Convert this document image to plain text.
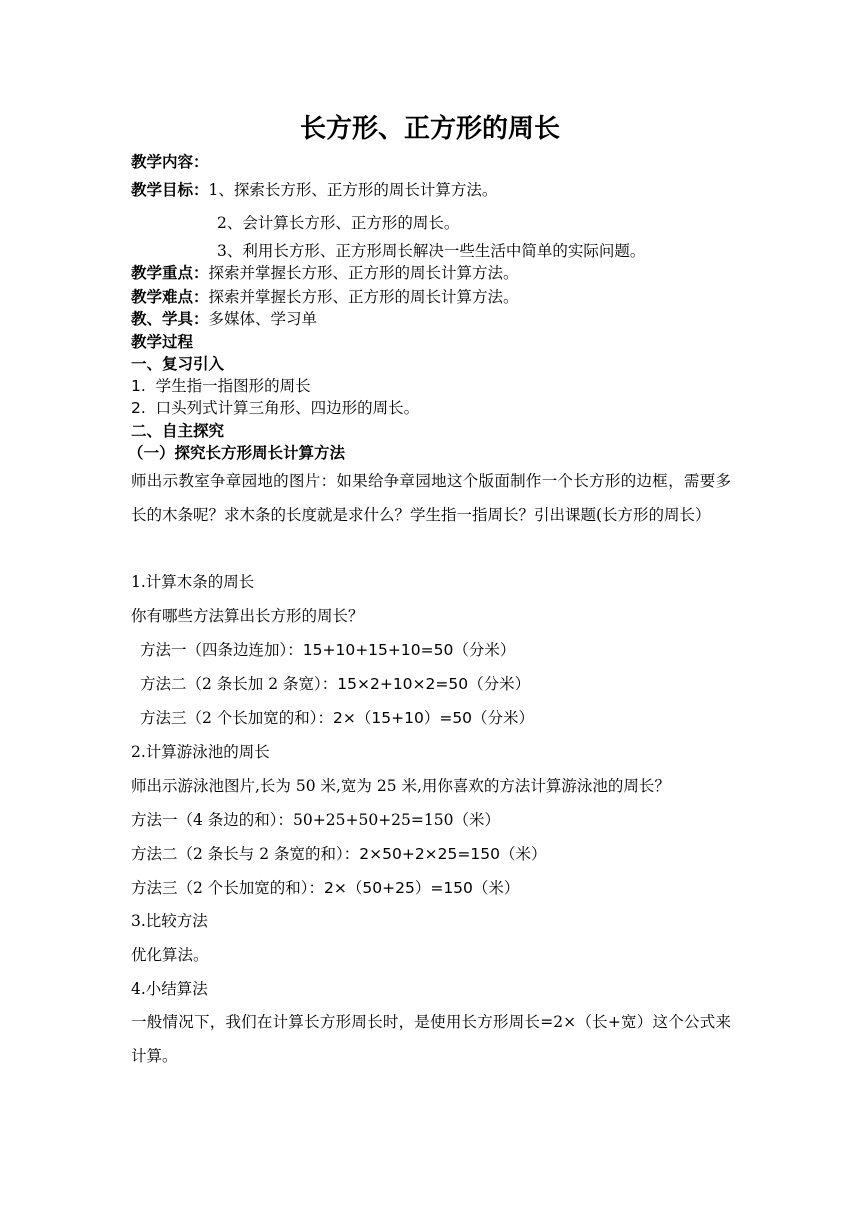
长方形、正方形的周长
教学内容：
教学目标：1、探索长方形、正方形的周长计算方法。
2、会计算长方形、正方形的周长。
3、利用长方形、正方形周长解决一些生活中简单的实际问题。
教学重点：探索并掌握长方形、正方形的周长计算方法。
教学难点：探索并掌握长方形、正方形的周长计算方法。
教、学具：多媒体、学习单
教学过程
一、复习引入
1. 学生指一指图形的周长
2. 口头列式计算三角形、四边形的周长。
二、自主探究
（一）探究长方形周长计算方法
师出示教室争章园地的图片：如果给争章园地这个版面制作一个长方形的边框，需要多长的木条呢？求木条的长度就是求什么？学生指一指周长？引出课题(长方形的周长）
1.计算木条的周长
你有哪些方法算出长方形的周长？
方法一（四条边连加）：15+10+15+10=50（分米）
方法二（2 条长加 2 条宽）：15×2+10×2=50（分米）
方法三（2 个长加宽的和）：2×（15+10）=50（分米）
2.计算游泳池的周长
师出示游泳池图片,长为 50 米,宽为 25 米,用你喜欢的方法计算游泳池的周长？
方法一（4 条边的和）：50+25+50+25=150（米）
方法二（2 条长与 2 条宽的和）：2×50+2×25=150（米）
方法三（2 个长加宽的和）：2×（50+25）=150（米）
3.比较方法
优化算法。
4.小结算法
一般情况下，我们在计算长方形周长时，是使用长方形周长=2×（长+宽）这个公式来计算。
